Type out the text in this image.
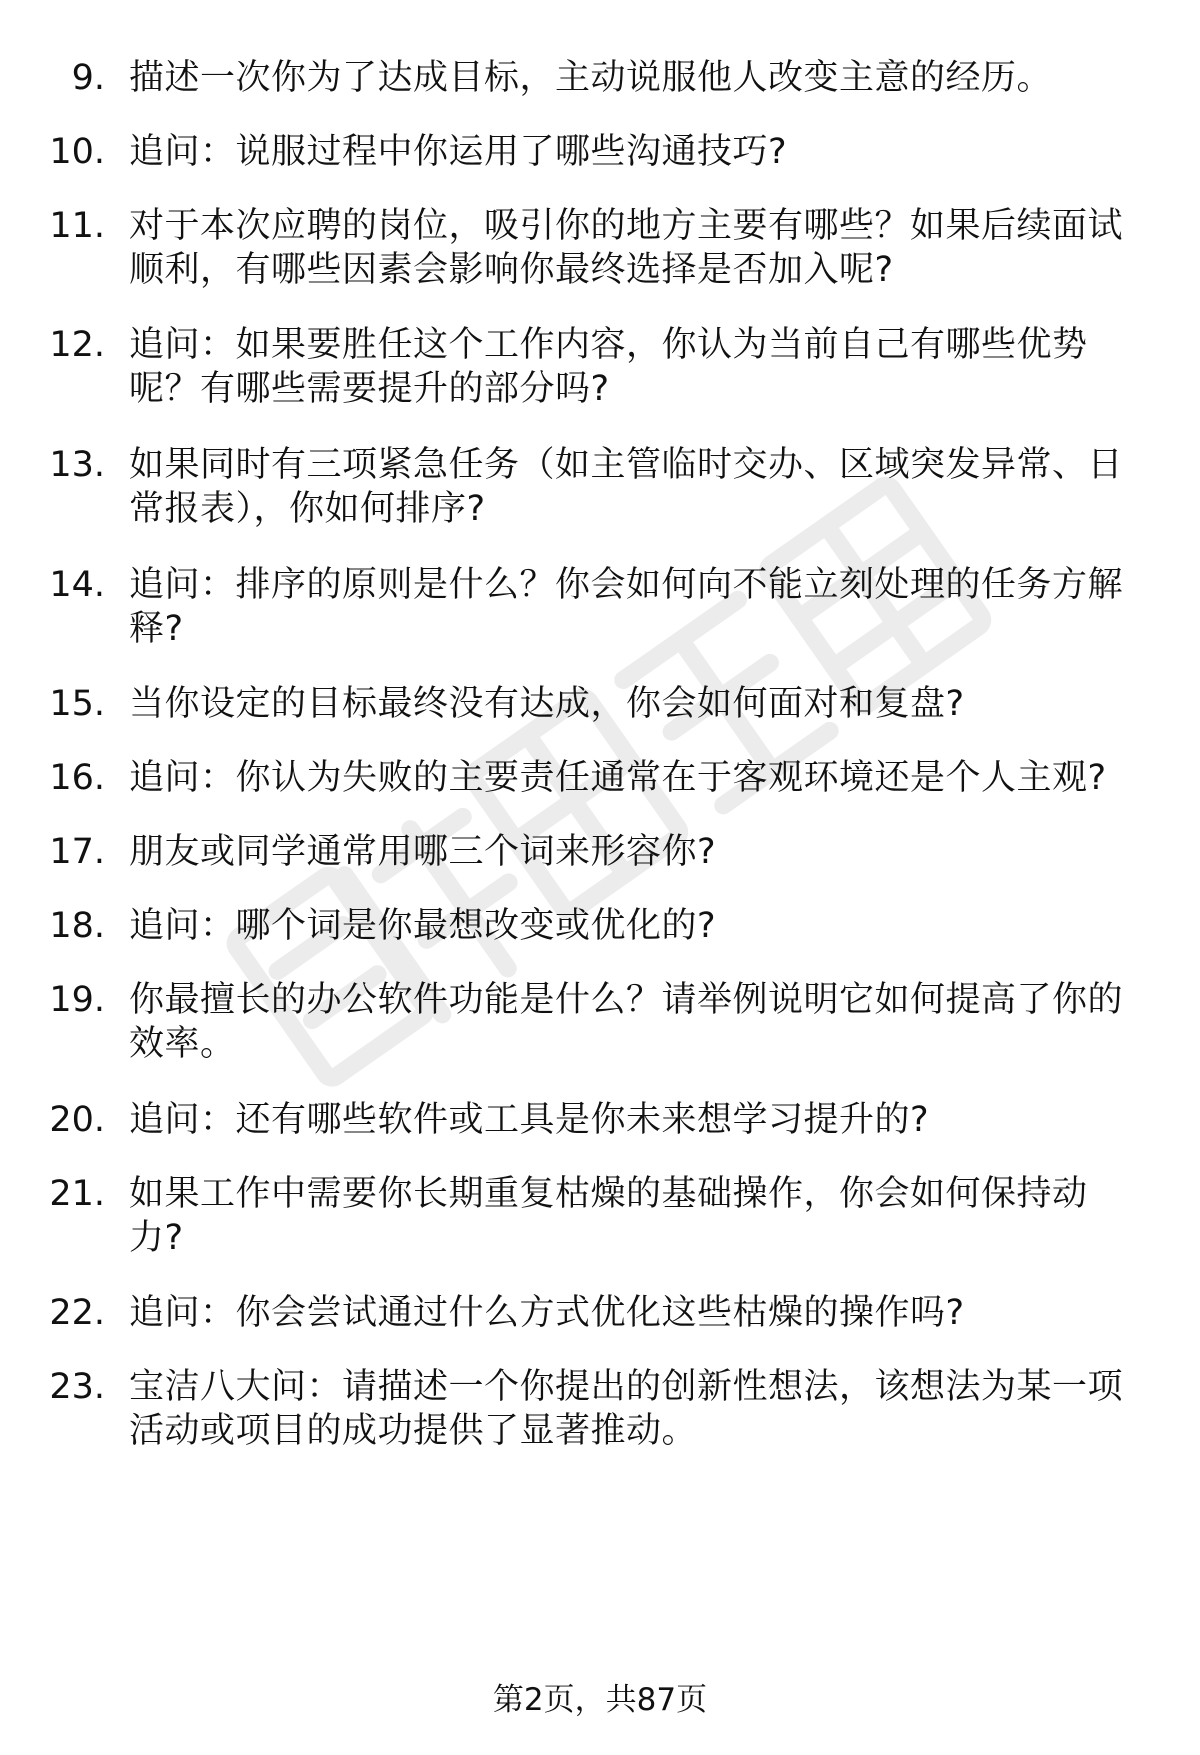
9. 描述一次你为了达成目标，主动说服他人改变主意的经历。
10. 追问：说服过程中你运用了哪些沟通技巧?
11. 对于本次应聘的岗位，吸引你的地方主要有哪些？如果后续面试顺利，有哪些因素会影响你最终选择是否加入呢?
12. 追问：如果要胜任这个工作内容，你认为当前自己有哪些优势呢？有哪些需要提升的部分吗?
13. 如果同时有三项紧急任务（如主管临时交办、区域突发异常、日常报表），你如何排序?
14. 追问：排序的原则是什么？你会如何向不能立刻处理的任务方解释?
15. 当你设定的目标最终没有达成，你会如何面对和复盘?
16. 追问：你认为失败的主要责任通常在于客观环境还是个人主观?
17. 朋友或同学通常用哪三个词来形容你?
18. 追问：哪个词是你最想改变或优化的?
19. 你最擅长的办公软件功能是什么？请举例说明它如何提高了你的效率。
20. 追问：还有哪些软件或工具是你未来想学习提升的?
21. 如果工作中需要你长期重复枯燥的基础操作，你会如何保持动力?
22. 追问：你会尝试通过什么方式优化这些枯燥的操作吗?
23. 宝洁八大问：请描述一个你提出的创新性想法，该想法为某一项活动或项目的成功提供了显著推动。
第2页，共87页
